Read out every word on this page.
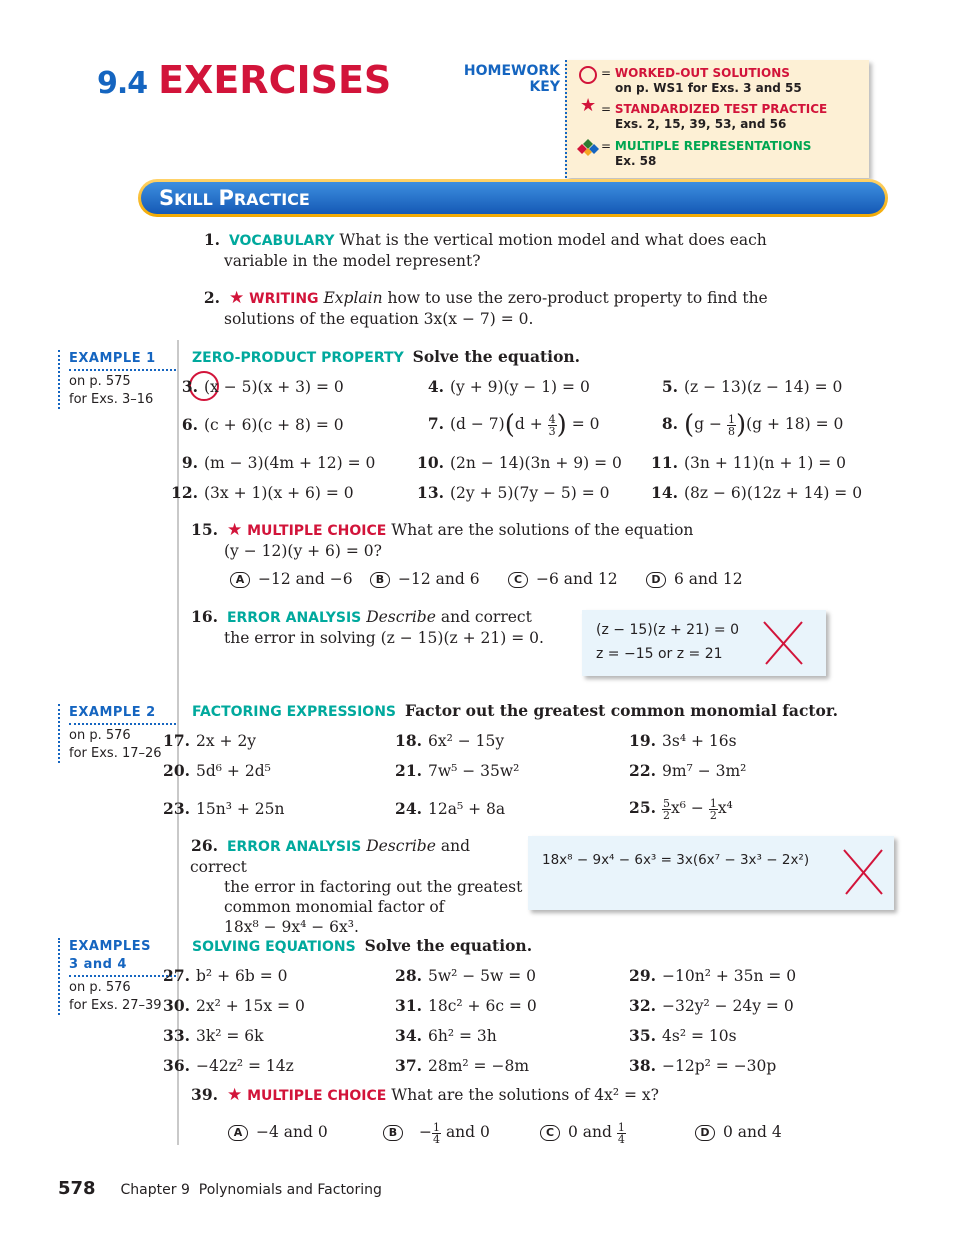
9.4 EXERCISES	HOMEWORK
KEY
= WORKED-OUT SOLUTIONS
on p. WS1 for Exs. 3 and 55
★ = STANDARDIZED TEST PRACTICE
Exs. 2, 15, 39, 53, and 56
= MULTIPLE REPRESENTATIONS
Ex. 58
SKILL PRACTICE
1. VOCABULARY What is the vertical motion model and what does each
variable in the model represent?
2. ★ WRITING Explain how to use the zero-product property to find the
solutions of the equation 3x(x − 7) = 0.
EXAMPLE 1
on p. 575
for Exs. 3–16
ZERO-PRODUCT PROPERTY Solve the equation.
3. (x − 5)(x + 3) = 0	4. (y + 9)(y − 1) = 0	5. (z − 13)(z − 14) = 0
6. (c + 6)(c + 8) = 0	7. $(d - 7)(d + \frac{4}{3}$ ) = 0	8. $(g - \frac{1}{8} )(g + 18) = 0$
9. (m − 3)(4m + 12) = 0	10. (2n − 14)(3n + 9) = 0 11. (3n + 11)(n + 1) = 0
12. (3x + 1)(x + 6) = 0	13. (2y + 5)(7y − 5) = 0	14. (8z − 6)(12z + 14) = 0
15. ★ MULTIPLE CHOICE What are the solutions of the equation
(y − 12)(y + 6) = 0?
A −12 and −6	B −12 and 6	C −6 and 12	D 6 and 12
16. ERROR ANALYSIS Describe and correct
the error in solving (z − 15)(z + 21) = 0.	(z − 15)(z + 21) = 0
z = −15 or z = 21
EXAMPLE 2
on p. 576
for Exs. 17–26
FACTORING EXPRESSIONS Factor out the greatest common monomial factor.
17. 2x + 2y	18. 6x² − 15y	19. 3s⁴ + 16s
20. 5d⁶ + 2d⁵	21. 7w⁵ − 35w²	22. 9m⁷ − 3m²
23. 15n³ + 25n	24. 12a⁵ + 8a	25. $\frac{5}{2} x^6 - \frac{1}{2} x^4$
26. ERROR ANALYSIS Describe and correct
the error in factoring out the greatest
common monomial factor of
18x⁸ − 9x⁴ − 6x³.
18x⁸ − 9x⁴ − 6x³ = 3x(6x⁷ − 3x³ − 2x²)
EXAMPLES
3 and 4
on p. 576
for Exs. 27–39
SOLVING EQUATIONS Solve the equation.
27. b² + 6b = 0	28. 5w² − 5w = 0	29. −10n² + 35n = 0
30. 2x² + 15x = 0	31. 18c² + 6c = 0	32. −32y² − 24y = 0
33. 3k² = 6k	34. 6h² = 3h	35. 4s² = 10s
36. −42z² = 14z	37. 28m² = −8m	38. −12p² = −30p
39. ★ MULTIPLE CHOICE What are the solutions of 4x² = x?
A −4 and 0	$B - \frac{1}{4}$ and 0	C 0 and $\frac{1}{4}$	D 0 and 4
578 Chapter 9  Polynomials and Factoring
